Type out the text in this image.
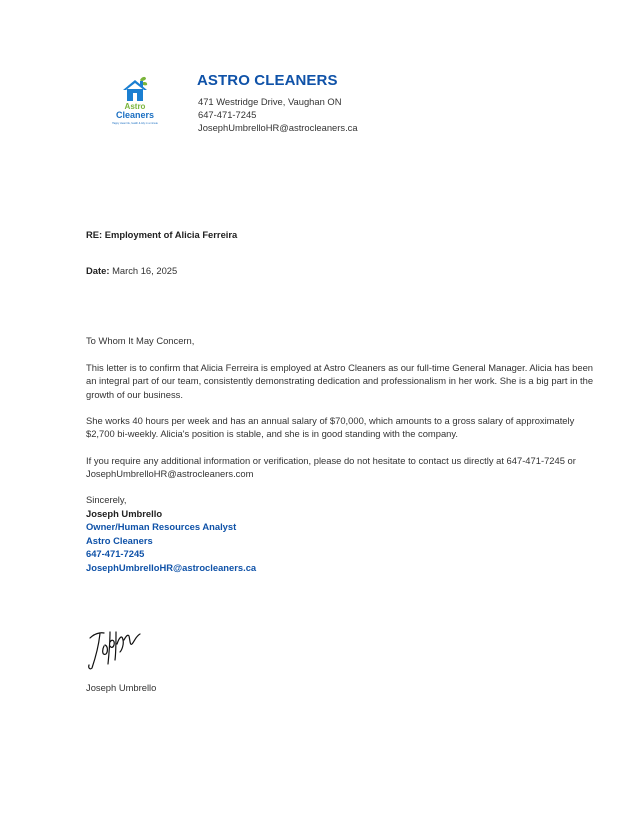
Astro
Cleaners
Happy clean life, health & tidy in a minute
ASTRO CLEANERS
471 Westridge Drive, Vaughan ON
647-471-7245
JosephUmbrelloHR@astrocleaners.ca
RE: Employment of Alicia Ferreira
Date: March 16, 2025
To Whom It May Concern,
This letter is to confirm that Alicia Ferreira is employed at Astro Cleaners as our full-time General Manager. Alicia has been an integral part of our team, consistently demonstrating dedication and professionalism in her work. She is a big part in the growth of our business.
She works 40 hours per week and has an annual salary of $70,000, which amounts to a gross salary of approximately $2,700 bi-weekly. Alicia's position is stable, and she is in good standing with the company.
If you require any additional information or verification, please do not hesitate to contact us directly at 647-471-7245 or JosephUmbrelloHR@astrocleaners.com
Sincerely,
Joseph Umbrello
Owner/Human Resources Analyst
Astro Cleaners
647-471-7245
JosephUmbrelloHR@astrocleaners.ca
Joseph Umbrello
